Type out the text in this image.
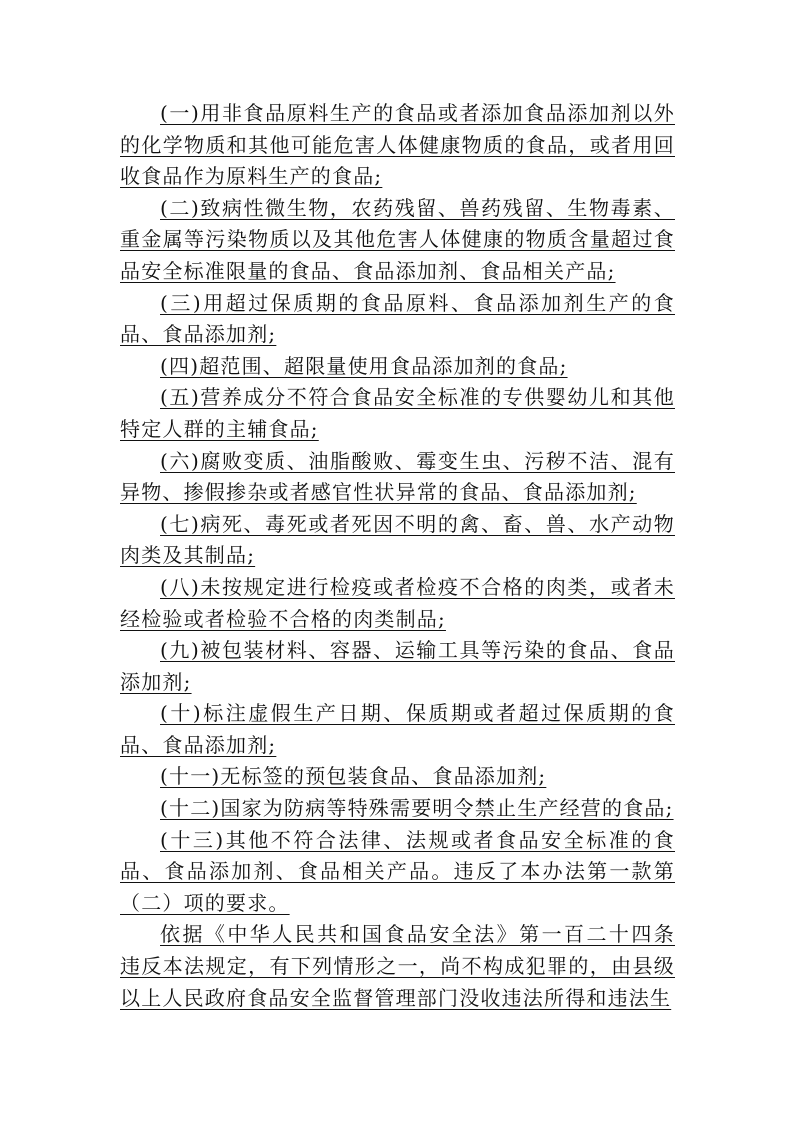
(一)用非食品原料生产的食品或者添加食品添加剂以外的化学物质和其他可能危害人体健康物质的食品，或者用回收食品作为原料生产的食品;

(二)致病性微生物，农药残留、兽药残留、生物毒素、重金属等污染物质以及其他危害人体健康的物质含量超过食品安全标准限量的食品、食品添加剂、食品相关产品;

(三)用超过保质期的食品原料、食品添加剂生产的食品、食品添加剂;

(四)超范围、超限量使用食品添加剂的食品;

(五)营养成分不符合食品安全标准的专供婴幼儿和其他特定人群的主辅食品;

(六)腐败变质、油脂酸败、霉变生虫、污秽不洁、混有异物、掺假掺杂或者感官性状异常的食品、食品添加剂;

(七)病死、毒死或者死因不明的禽、畜、兽、水产动物肉类及其制品;

(八)未按规定进行检疫或者检疫不合格的肉类，或者未经检验或者检验不合格的肉类制品;

(九)被包装材料、容器、运输工具等污染的食品、食品添加剂;

(十)标注虚假生产日期、保质期或者超过保质期的食品、食品添加剂;

(十一)无标签的预包装食品、食品添加剂;

(十二)国家为防病等特殊需要明令禁止生产经营的食品;

(十三)其他不符合法律、法规或者食品安全标准的食品、食品添加剂、食品相关产品。违反了本办法第一款第（二）项的要求。

依据《中华人民共和国食品安全法》第一百二十四条 违反本法规定，有下列情形之一，尚不构成犯罪的，由县级以上人民政府食品安全监督管理部门没收违法所得和违法生
